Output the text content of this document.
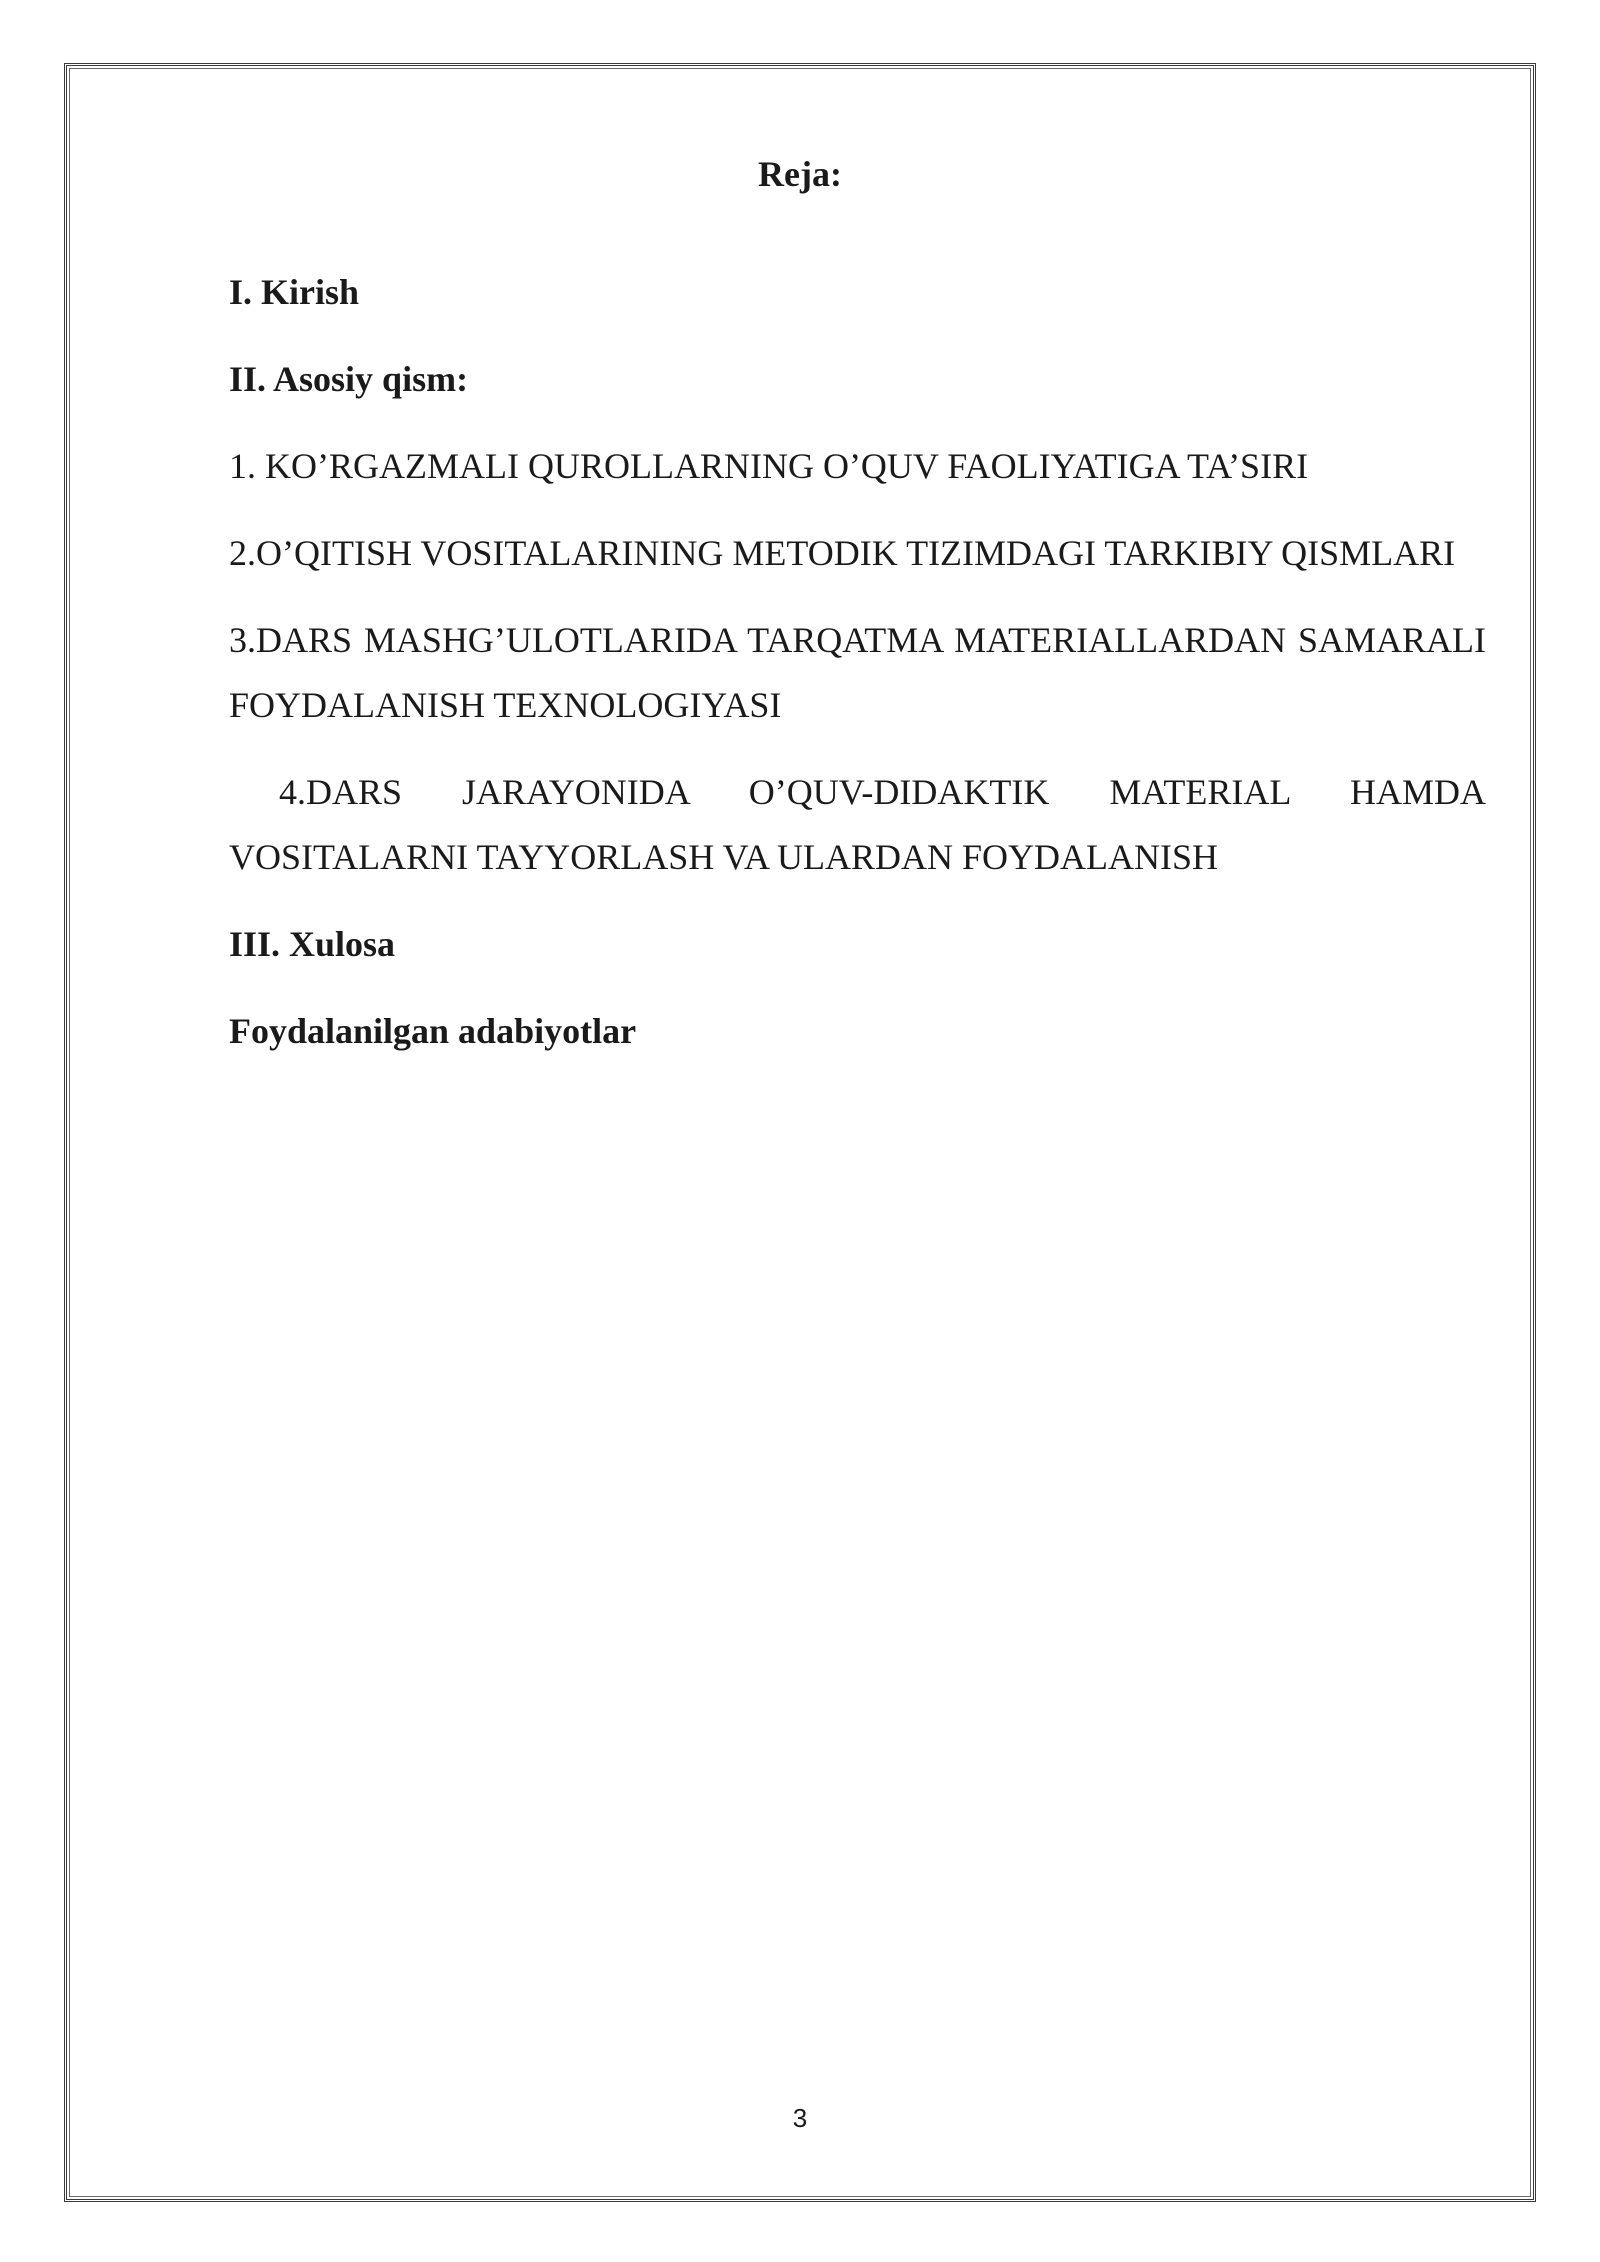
Reja:

I. Kirish

II. Asosiy qism:

1. KO’RGAZMALI QUROLLARNING O’QUV FAOLIYATIGA TA’SIRI

2.O’QITISH VOSITALARINING METODIK TIZIMDAGI TARKIBIY QISMLARI

3.DARS MASHG’ULOTLARIDA TARQATMA MATERIALLARDAN SAMARALI FOYDALANISH TEXNOLOGIYASI

4.DARS JARAYONIDA O’QUV-DIDAKTIK MATERIAL HAMDA VOSITALARNI TAYYORLASH VA ULARDAN FOYDALANISH

III. Xulosa

Foydalanilgan adabiyotlar

3
